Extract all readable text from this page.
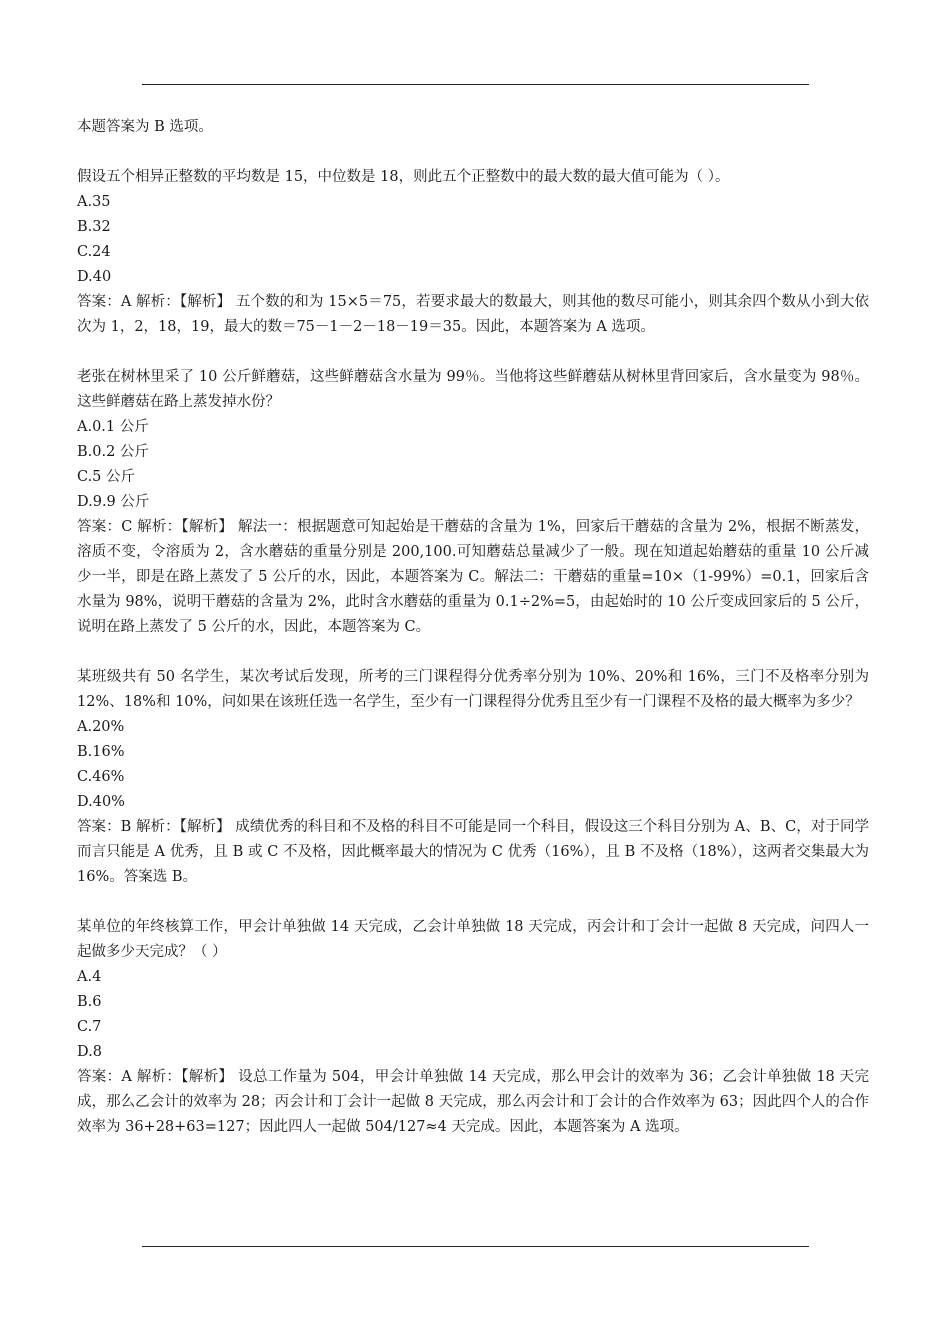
本题答案为 B 选项。
假设五个相异正整数的平均数是 15，中位数是 18，则此五个正整数中的最大数的最大值可能为（ ）。
A.35
B.32
C.24
D.40
答案：A 解析：【解析】 五个数的和为 15×5＝75，若要求最大的数最大，则其他的数尽可能小，则其余四个数从小到大依次为 1，2，18，19，最大的数＝75－1－2－18－19＝35。因此，本题答案为 A 选项。
老张在树林里采了 10 公斤鲜蘑菇，这些鲜蘑菇含水量为 99％。当他将这些鲜蘑菇从树林里背回家后，含水量变为 98％。这些鲜蘑菇在路上蒸发掉水份？
A.0.1 公斤
B.0.2 公斤
C.5 公斤
D.9.9 公斤
答案：C 解析：【解析】 解法一：根据题意可知起始是干蘑菇的含量为 1%，回家后干蘑菇的含量为 2%，根据不断蒸发，溶质不变，令溶质为 2，含水蘑菇的重量分别是 200,100.可知蘑菇总量减少了一般。现在知道起始蘑菇的重量 10 公斤减少一半，即是在路上蒸发了 5 公斤的水，因此，本题答案为 C。解法二：干蘑菇的重量=10×（1-99%）=0.1，回家后含水量为 98%，说明干蘑菇的含量为 2%，此时含水蘑菇的重量为 0.1÷2%=5，由起始时的 10 公斤变成回家后的 5 公斤，说明在路上蒸发了 5 公斤的水，因此，本题答案为 C。
某班级共有 50 名学生，某次考试后发现，所考的三门课程得分优秀率分别为 10%、20%和 16%，三门不及格率分别为 12%、18%和 10%，问如果在该班任选一名学生，至少有一门课程得分优秀且至少有一门课程不及格的最大概率为多少？
A.20%
B.16%
C.46%
D.40%
答案：B 解析：【解析】 成绩优秀的科目和不及格的科目不可能是同一个科目，假设这三个科目分别为 A、B、C，对于同学而言只能是 A 优秀，且 B 或 C 不及格，因此概率最大的情况为 C 优秀（16%），且 B 不及格（18%），这两者交集最大为 16%。答案选 B。
某单位的年终核算工作，甲会计单独做 14 天完成，乙会计单独做 18 天完成，丙会计和丁会计一起做 8 天完成，问四人一起做多少天完成？（ ）
A.4
B.6
C.7
D.8
答案：A 解析：【解析】 设总工作量为 504，甲会计单独做 14 天完成，那么甲会计的效率为 36；乙会计单独做 18 天完成，那么乙会计的效率为 28；丙会计和丁会计一起做 8 天完成，那么丙会计和丁会计的合作效率为 63；因此四个人的合作效率为 36+28+63=127；因此四人一起做 504/127≈4 天完成。因此，本题答案为 A 选项。
